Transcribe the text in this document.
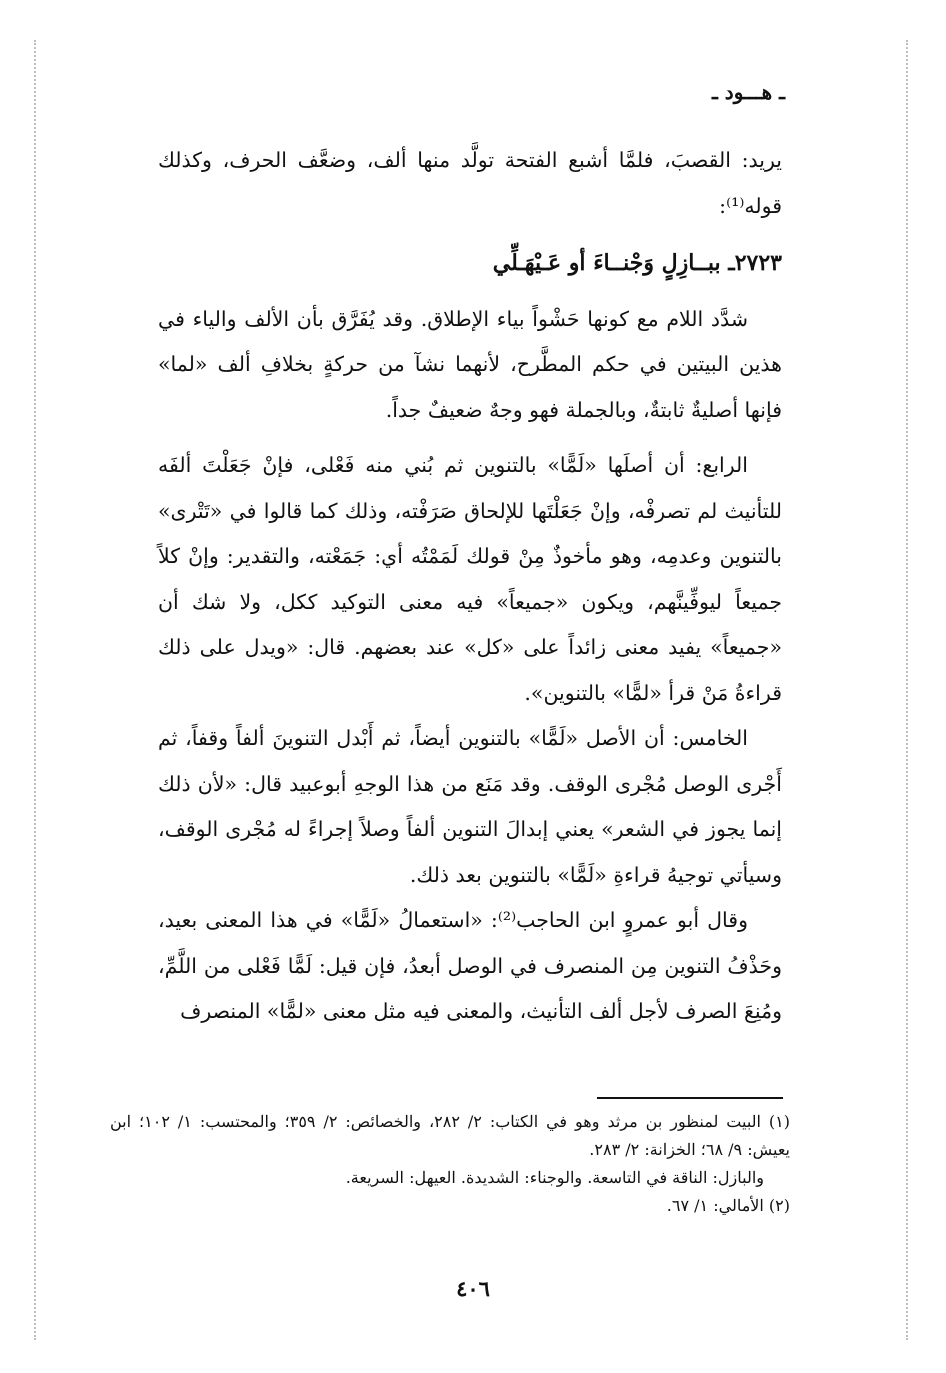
ـ هـــود ـ

يريد: القصبَ، فلمَّا أشبع الفتحة تولَّد منها ألف، وضعَّف الحرف، وكذلك قوله⁽¹⁾:

٢٧٢٣ـ ببــازِلٍ وَجْنــاءَ أو عَـيْهَـلِّي

شدَّد اللام مع كونها حَشْواً بياء الإطلاق. وقد يُفَرَّق بأن الألف والياء في هذين البيتين في حكم المطَّرح، لأنهما نشآ من حركةٍ بخلافِ ألف «لما» فإنها أصليةٌ ثابتةٌ، وبالجملة فهو وجهٌ ضعيفٌ جداً.

الرابع: أن أصلَها «لَمًّا» بالتنوين ثم بُني منه فَعْلى، فإنْ جَعَلْتَ ألفَه للتأنيث لم تصرفْه، وإنْ جَعَلْتَها للإلحاق صَرَفْته، وذلك كما قالوا في «تَتْرى» بالتنوين وعدمِه، وهو مأخوذٌ مِنْ قولك لَمَمْتُه أي: جَمَعْته، والتقدير: وإنْ كلاً جميعاً ليوفِّينَّهم، ويكون «جميعاً» فيه معنى التوكيد ككل، ولا شك أن «جميعاً» يفيد معنى زائداً على «كل» عند بعضهم. قال: «ويدل على ذلك قراءةُ مَنْ قرأ «لمًّا» بالتنوين».

الخامس: أن الأصل «لَمًّا» بالتنوين أيضاً، ثم أَبْدل التنوينَ ألفاً وقفاً، ثم أَجْرى الوصل مُجْرى الوقف. وقد مَنَع من هذا الوجهِ أبوعبيد قال: «لأن ذلك إنما يجوز في الشعر» يعني إبدالَ التنوين ألفاً وصلاً إجراءً له مُجْرى الوقف، وسيأتي توجيهُ قراءةِ «لَمًّا» بالتنوين بعد ذلك.

وقال أبو عمروٍ ابن الحاجب⁽²⁾: «استعمالُ «لَمًّا» في هذا المعنى بعيد، وحَذْفُ التنوين مِن المنصرف في الوصل أبعدُ، فإن قيل: لَمًّا فَعْلى من اللَّمِّ، ومُنِعَ الصرف لأجل ألف التأنيث، والمعنى فيه مثل معنى «لمًّا» المنصرف

(١) البيت لمنظور بن مرثد وهو في الكتاب: ٢/ ٢٨٢، والخصائص: ٢/ ٣٥٩؛ والمحتسب: ١/ ١٠٢؛ ابن يعيش: ٩/ ٦٨؛ الخزانة: ٢/ ٢٨٣.

والبازل: الناقة في التاسعة. والوجناء: الشديدة. العيهل: السريعة.

(٢) الأمالي: ١/ ٦٧.

٤٠٦
